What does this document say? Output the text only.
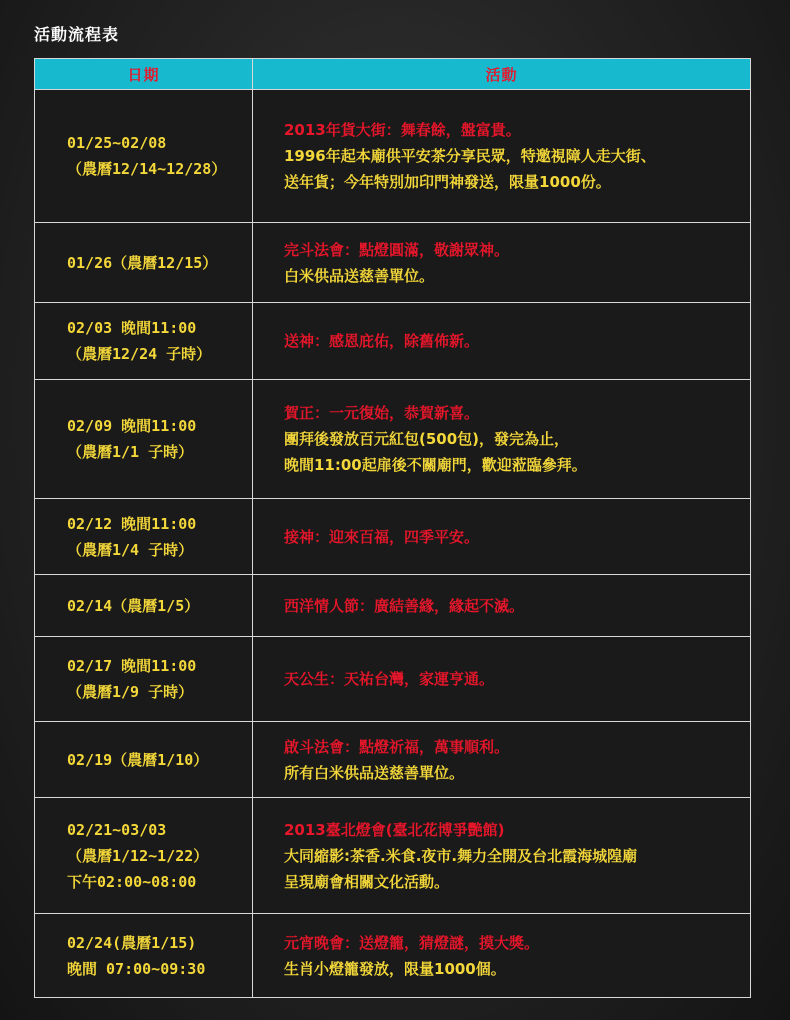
活動流程表
日期	活動

01/25~02/08
（農曆12/14~12/28）	2013年貨大街：舞春餘，盤富貴。
1996年起本廟供平安茶分享民眾，特邀視障人走大街、
送年貨；今年特別加印門神發送，限量1000份。

01/26（農曆12/15）	完斗法會：點燈圓滿，敬謝眾神。
白米供品送慈善單位。

02/03 晚間11:00
（農曆12/24 子時）	送神：感恩庇佑，除舊佈新。

02/09 晚間11:00
（農曆1/1 子時）	賀正：一元復始，恭賀新喜。
團拜後發放百元紅包(500包)，發完為止，
晚間11:00起扉後不關廟門，歡迎蒞臨參拜。

02/12 晚間11:00
（農曆1/4 子時）	接神：迎來百福，四季平安。

02/14（農曆1/5）	西洋情人節：廣結善緣，緣起不滅。

02/17 晚間11:00
（農曆1/9 子時）	天公生：天祐台灣，家運亨通。

02/19（農曆1/10）	啟斗法會：點燈祈福，萬事順利。
所有白米供品送慈善單位。

02/21~03/03
（農曆1/12~1/22）
下午02:00~08:00	2013臺北燈會(臺北花博爭艷館)
大同縮影:茶香.米食.夜市.舞力全開及台北霞海城隍廟
呈現廟會相關文化活動。

02/24(農曆1/15)
晚間 07:00~09:30	元宵晚會：送燈籠，猜燈謎，摸大獎。
生肖小燈籠發放，限量1000個。
